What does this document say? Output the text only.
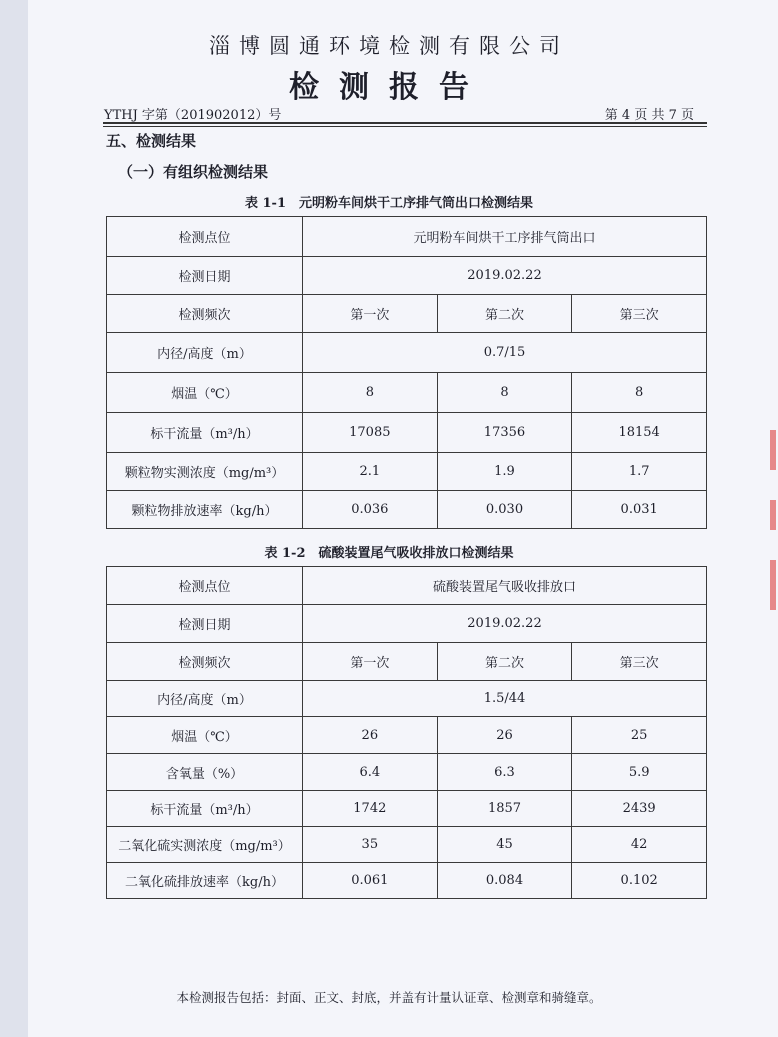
淄博圆通环境检测有限公司
检测报告
YTHJ 字第（201902012）号	第 4 页 共 7 页
五、检测结果
（一）有组织检测结果
表 1-1　元明粉车间烘干工序排气筒出口检测结果
检测点位	元明粉车间烘干工序排气筒出口		
检测日期	2019.02.22		
检测频次	第一次	第二次	第三次
内径/高度（m）	0.7/15		
烟温（℃）	8	8	8
标干流量（m³/h）	17085	17356	18154
颗粒物实测浓度（mg/m³）	2.1	1.9	1.7
颗粒物排放速率（kg/h）	0.036	0.030	0.031
表 1-2　硫酸装置尾气吸收排放口检测结果
检测点位	硫酸装置尾气吸收排放口		
检测日期	2019.02.22		
检测频次	第一次	第二次	第三次
内径/高度（m）	1.5/44		
烟温（℃）	26	26	25
含氧量（%）	6.4	6.3	5.9
标干流量（m³/h）	1742	1857	2439
二氧化硫实测浓度（mg/m³）	35	45	42
二氧化硫排放速率（kg/h）	0.061	0.084	0.102
本检测报告包括：封面、正文、封底，并盖有计量认证章、检测章和骑缝章。
